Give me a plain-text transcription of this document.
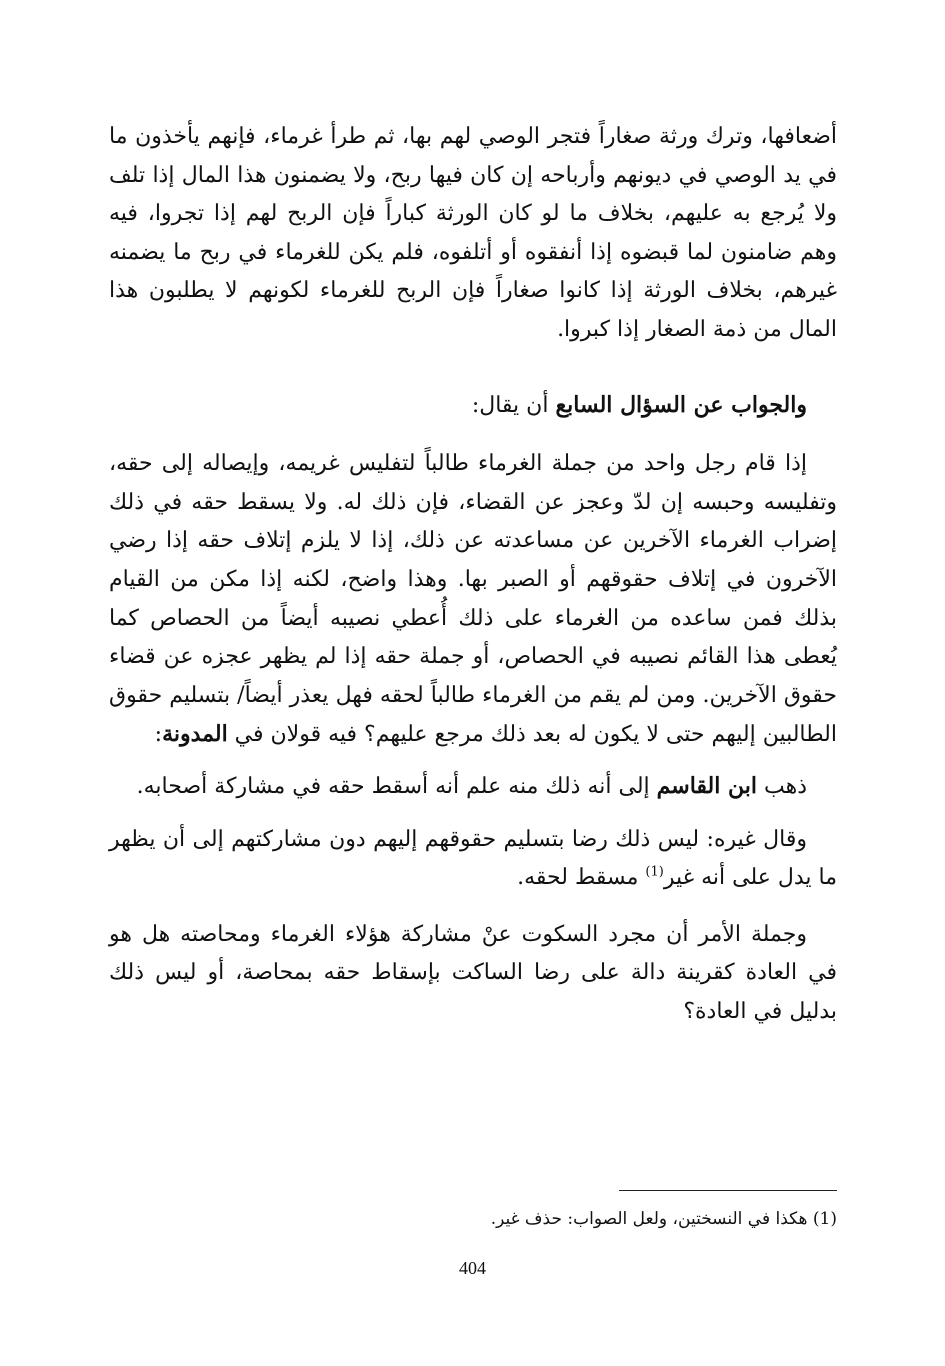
أضعافها، وترك ورثة صغاراً فتجر الوصي لهم بها، ثم طرأ غرماء، فإنهم يأخذون ما في يد الوصي في ديونهم وأرباحه إن كان فيها ربح، ولا يضمنون هذا المال إذا تلف ولا يُرجع به عليهم، بخلاف ما لو كان الورثة كباراً فإن الربح لهم إذا تجروا، فيه وهم ضامنون لما قبضوه إذا أنفقوه أو أتلفوه، فلم يكن للغرماء في ربح ما يضمنه غيرهم، بخلاف الورثة إذا كانوا صغاراً فإن الربح للغرماء لكونهم لا يطلبون هذا المال من ذمة الصغار إذا كبروا.

والجواب عن السؤال السابع أن يقال:

إذا قام رجل واحد من جملة الغرماء طالباً لتفليس غريمه، وإيصاله إلى حقه، وتفليسه وحبسه إن لدّ وعجز عن القضاء، فإن ذلك له. ولا يسقط حقه في ذلك إضراب الغرماء الآخرين عن مساعدته عن ذلك، إذا لا يلزم إتلاف حقه إذا رضي الآخرون في إتلاف حقوقهم أو الصبر بها. وهذا واضح، لكنه إذا مكن من القيام بذلك فمن ساعده من الغرماء على ذلك أُعطي نصيبه أيضاً من الحصاص كما يُعطى هذا القائم نصيبه في الحصاص، أو جملة حقه إذا لم يظهر عجزه عن قضاء حقوق الآخرين. ومن لم يقم من الغرماء طالباً لحقه فهل يعذر أيضاً/ بتسليم حقوق الطالبين إليهم حتى لا يكون له بعد ذلك مرجع عليهم؟ فيه قولان في المدونة:

ذهب ابن القاسم إلى أنه ذلك منه علم أنه أسقط حقه في مشاركة أصحابه.

وقال غيره: ليس ذلك رضا بتسليم حقوقهم إليهم دون مشاركتهم إلى أن يظهر ما يدل على أنه غير$^{(1)}$ مسقط لحقه.

وجملة الأمر أن مجرد السكوت عنْ مشاركة هؤلاء الغرماء ومحاصته هل هو في العادة كقرينة دالة على رضا الساكت بإسقاط حقه بمحاصة، أو ليس ذلك بدليل في العادة؟

(1) هكذا في النسختين، ولعل الصواب: حذف غير.

404
